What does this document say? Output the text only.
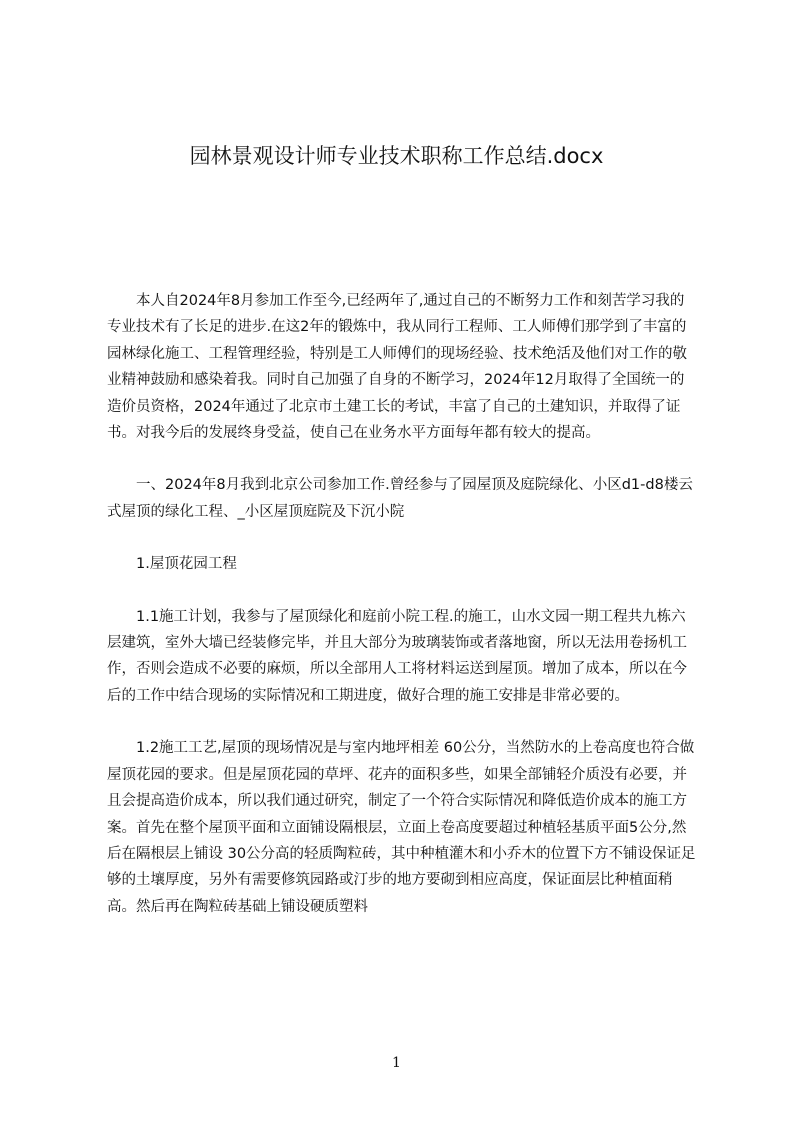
园林景观设计师专业技术职称工作总结.docx

本人自2024年8月参加工作至今,已经两年了,通过自己的不断努力工作和刻苦学习我的专业技术有了长足的进步.在这2年的锻炼中，我从同行工程师、工人师傅们那学到了丰富的园林绿化施工、工程管理经验，特别是工人师傅们的现场经验、技术绝活及他们对工作的敬业精神鼓励和感染着我。同时自己加强了自身的不断学习，2024年12月取得了全国统一的造价员资格，2024年通过了北京市土建工长的考试，丰富了自己的土建知识，并取得了证书。对我今后的发展终身受益，使自己在业务水平方面每年都有较大的提高。

一、2024年8月我到北京公司参加工作.曾经参与了园屋顶及庭院绿化、小区d1-d8楼云式屋顶的绿化工程、_小区屋顶庭院及下沉小院

1.屋顶花园工程

1.1施工计划，我参与了屋顶绿化和庭前小院工程.的施工，山水文园一期工程共九栋六层建筑，室外大墙已经装修完毕，并且大部分为玻璃装饰或者落地窗，所以无法用卷扬机工作，否则会造成不必要的麻烦，所以全部用人工将材料运送到屋顶。增加了成本，所以在今后的工作中结合现场的实际情况和工期进度，做好合理的施工安排是非常必要的。

1.2施工工艺,屋顶的现场情况是与室内地坪相差 60公分，当然防水的上卷高度也符合做屋顶花园的要求。但是屋顶花园的草坪、花卉的面积多些，如果全部铺轻介质没有必要，并且会提高造价成本，所以我们通过研究，制定了一个符合实际情况和降低造价成本的施工方案。首先在整个屋顶平面和立面铺设隔根层，立面上卷高度要超过种植轻基质平面5公分,然后在隔根层上铺设 30公分高的轻质陶粒砖，其中种植灌木和小乔木的位置下方不铺设保证足够的土壤厚度，另外有需要修筑园路或汀步的地方要砌到相应高度，保证面层比种植面稍高。然后再在陶粒砖基础上铺设硬质塑料

1
